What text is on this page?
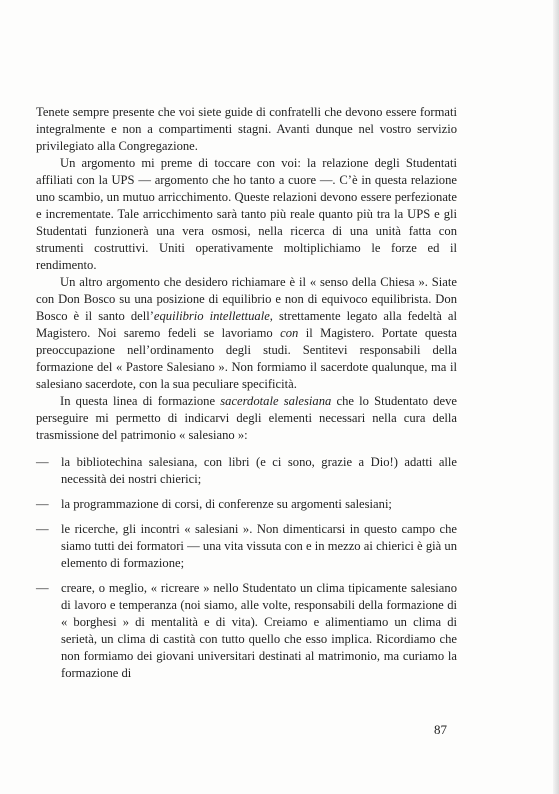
Tenete sempre presente che voi siete guide di confratelli che devono essere formati integralmente e non a compartimenti stagni. Avanti dunque nel vostro servizio privilegiato alla Congregazione.

Un argomento mi preme di toccare con voi: la relazione degli Studentati affiliati con la UPS — argomento che ho tanto a cuore —. C’è in questa relazione uno scambio, un mutuo arricchimento. Queste relazioni devono essere perfezionate e incrementate. Tale arricchimento sarà tanto più reale quanto più tra la UPS e gli Studentati funzionerà una vera osmosi, nella ricerca di una unità fatta con strumenti costruttivi. Uniti operativamente moltiplichiamo le forze ed il rendimento.

Un altro argomento che desidero richiamare è il « senso della Chiesa ». Siate con Don Bosco su una posizione di equilibrio e non di equivoco equilibrista. Don Bosco è il santo dell’equilibrio intellettuale, strettamente legato alla fedeltà al Magistero. Noi saremo fedeli se lavoriamo con il Magistero. Portate questa preoccupazione nell’ordinamento degli studi. Sentitevi responsabili della formazione del « Pastore Salesiano ». Non formiamo il sacerdote qualunque, ma il salesiano sacerdote, con la sua peculiare specificità.

In questa linea di formazione sacerdotale salesiana che lo Studentato deve perseguire mi permetto di indicarvi degli elementi necessari nella cura della trasmissione del patrimonio « salesiano »:

— la bibliotechina salesiana, con libri (e ci sono, grazie a Dio!) adatti alle necessità dei nostri chierici;

— la programmazione di corsi, di conferenze su argomenti salesiani;

— le ricerche, gli incontri « salesiani ». Non dimenticarsi in questo campo che siamo tutti dei formatori — una vita vissuta con e in mezzo ai chierici è già un elemento di formazione;

— creare, o meglio, « ricreare » nello Studentato un clima tipicamente salesiano di lavoro e temperanza (noi siamo, alle volte, responsabili della formazione di « borghesi » di mentalità e di vita). Creiamo e alimentiamo un clima di serietà, un clima di castità con tutto quello che esso implica. Ricordiamo che non formiamo dei giovani universitari destinati al matrimonio, ma curiamo la formazione di

87
